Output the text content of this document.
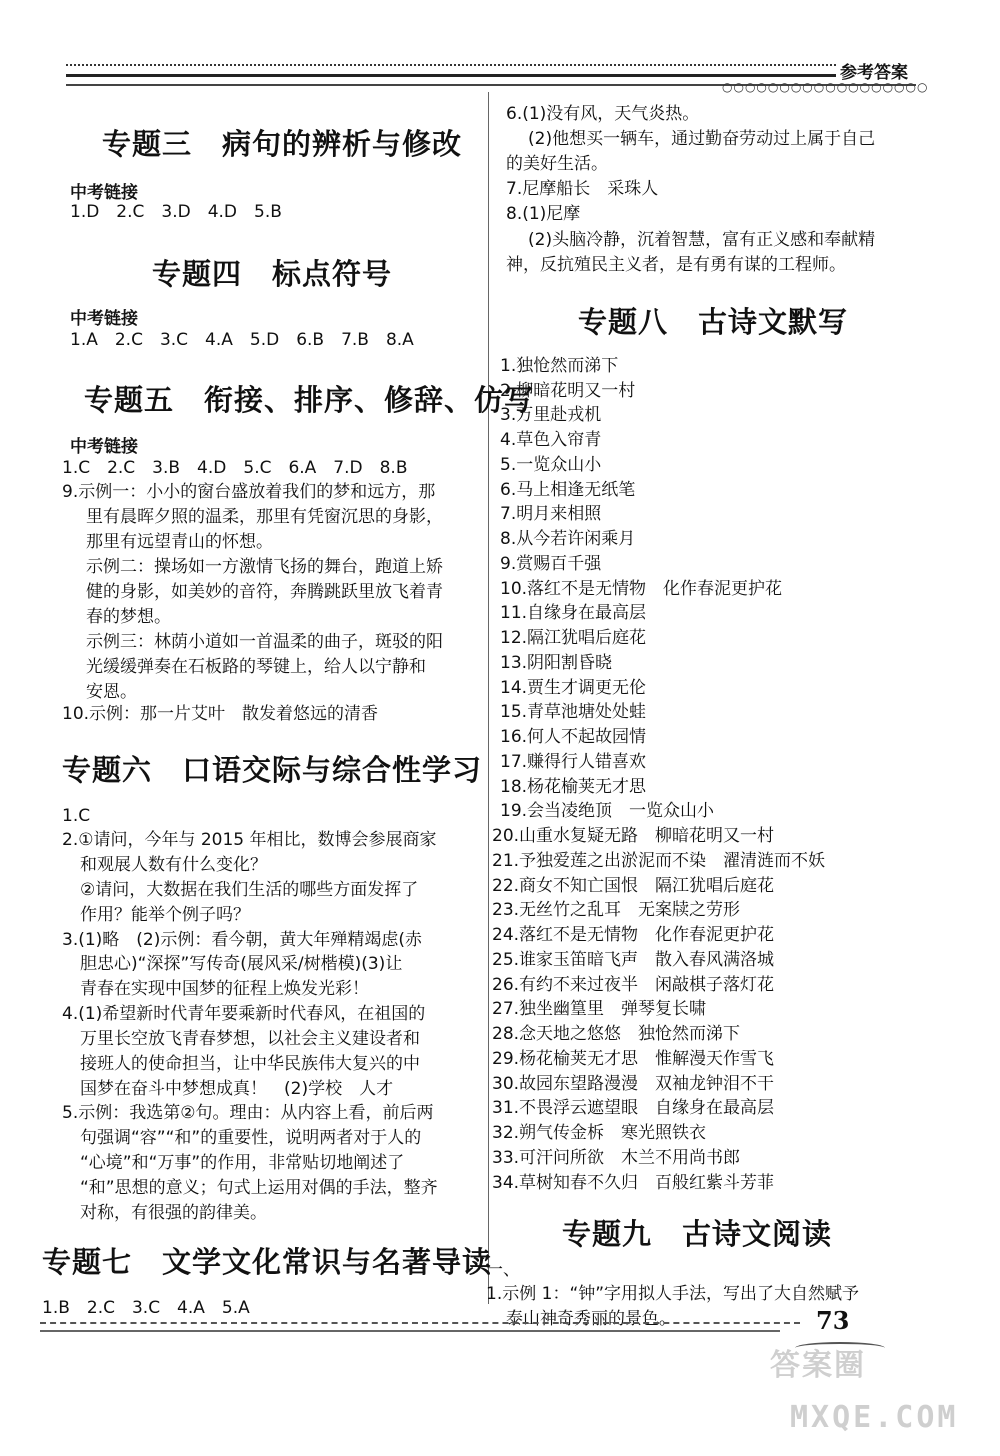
○○○○○○○○○○○○○○○○○○
参考答案
专题三　病句的辨析与修改
中考链接
1.D　2.C　3.D　4.D　5.B
专题四　标点符号
中考链接
1.A　2.C　3.C　4.A　5.D　6.B　7.B　8.A
专题五　衔接、排序、修辞、仿写
中考链接
1.C　2.C　3.B　4.D　5.C　6.A　7.D　8.B
9.示例一：小小的窗台盛放着我们的梦和远方，那
里有晨晖夕照的温柔，那里有凭窗沉思的身影，
那里有远望青山的怀想。
示例二：操场如一方激情飞扬的舞台，跑道上矫
健的身影，如美妙的音符，奔腾跳跃里放飞着青
春的梦想。
示例三：林荫小道如一首温柔的曲子，斑驳的阳
光缓缓弹奏在石板路的琴键上，给人以宁静和
安恩。
10.示例：那一片艾叶　散发着悠远的清香
专题六　口语交际与综合性学习
1.C
2.①请问，今年与 2015 年相比，数博会参展商家
和观展人数有什么变化？
②请问，大数据在我们生活的哪些方面发挥了
作用？能举个例子吗？
3.(1)略　(2)示例：看今朝，黄大年殚精竭虑(赤
胆忠心)“深探”写传奇(展风采/树楷模)(3)让
青春在实现中国梦的征程上焕发光彩！
4.(1)希望新时代青年要乘新时代春风，在祖国的
万里长空放飞青春梦想，以社会主义建设者和
接班人的使命担当，让中华民族伟大复兴的中
国梦在奋斗中梦想成真！　(2)学校　人才
5.示例：我选第②句。理由：从内容上看，前后两
句强调“容”“和”的重要性，说明两者对于人的
“心境”和“万事”的作用，非常贴切地阐述了
“和”思想的意义；句式上运用对偶的手法，整齐
对称，有很强的韵律美。
专题七　文学文化常识与名著导读
1.B　2.C　3.C　4.A　5.A
6.(1)没有风，天气炎热。
(2)他想买一辆车，通过勤奋劳动过上属于自己
的美好生活。
7.尼摩船长　采珠人
8.(1)尼摩
(2)头脑冷静，沉着智慧，富有正义感和奉献精
神，反抗殖民主义者，是有勇有谋的工程师。
专题八　古诗文默写
1.独怆然而涕下
2.柳暗花明又一村
3.万里赴戎机
4.草色入帘青
5.一览众山小
6.马上相逢无纸笔
7.明月来相照
8.从今若许闲乘月
9.赏赐百千强
10.落红不是无情物　化作春泥更护花
11.自缘身在最高层
12.隔江犹唱后庭花
13.阴阳割昏晓
14.贾生才调更无伦
15.青草池塘处处蛙
16.何人不起故园情
17.赚得行人错喜欢
18.杨花榆荚无才思
19.会当凌绝顶　一览众山小
20.山重水复疑无路　柳暗花明又一村
21.予独爱莲之出淤泥而不染　濯清涟而不妖
22.商女不知亡国恨　隔江犹唱后庭花
23.无丝竹之乱耳　无案牍之劳形
24.落红不是无情物　化作春泥更护花
25.谁家玉笛暗飞声　散入春风满洛城
26.有约不来过夜半　闲敲棋子落灯花
27.独坐幽篁里　弹琴复长啸
28.念天地之悠悠　独怆然而涕下
29.杨花榆荚无才思　惟解漫天作雪飞
30.故园东望路漫漫　双袖龙钟泪不干
31.不畏浮云遮望眼　自缘身在最高层
32.朔气传金柝　寒光照铁衣
33.可汗问所欲　木兰不用尚书郎
34.草树知春不久归　百般红紫斗芳菲
专题九　古诗文阅读
一、
1.示例 1：“钟”字用拟人手法，写出了大自然赋予
泰山神奇秀丽的景色。	73
答案圈
MXQE.COM
